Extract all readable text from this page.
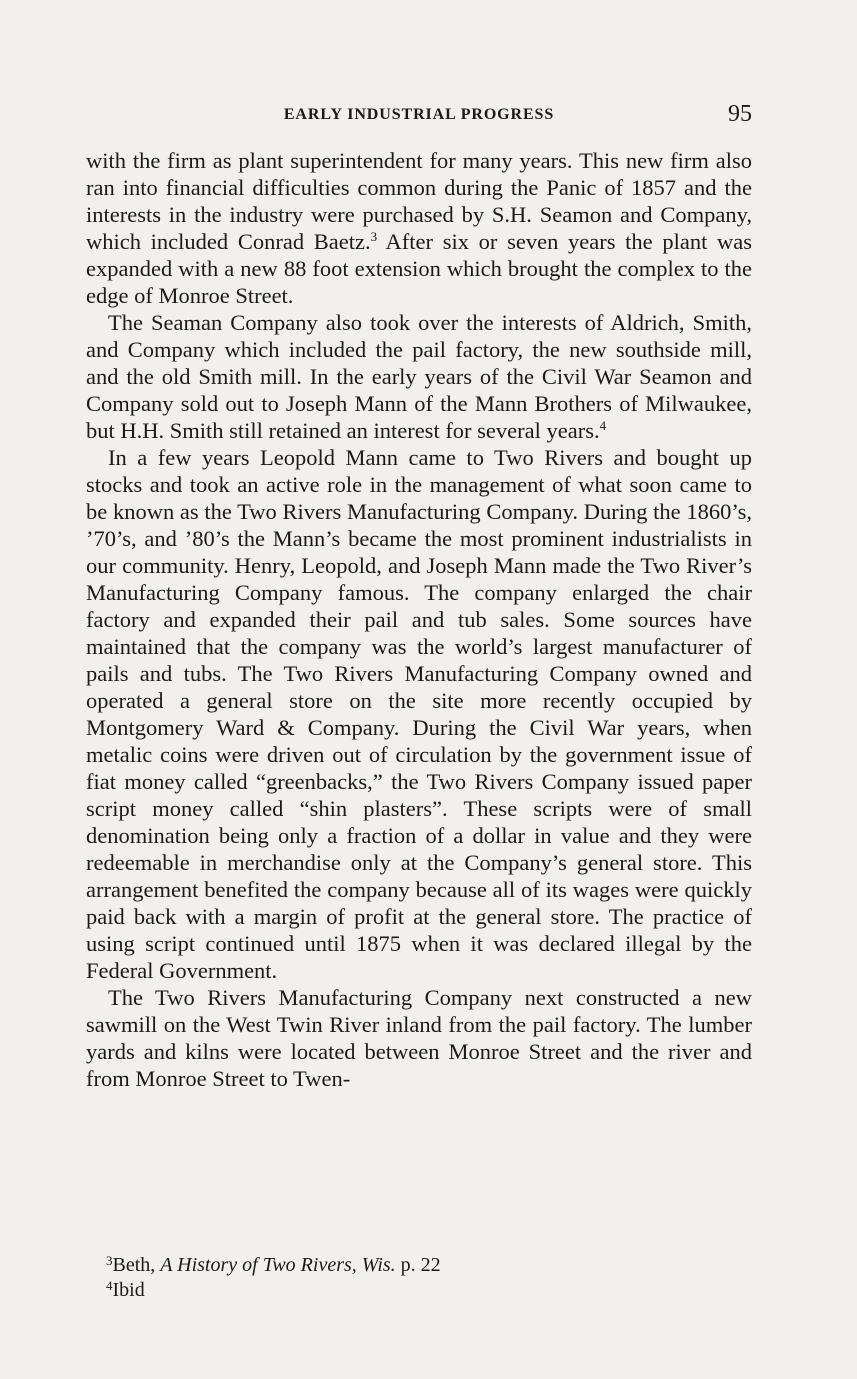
EARLY INDUSTRIAL PROGRESS	95

with the firm as plant superintendent for many years. This new firm also ran into financial difficulties common during the Panic of 1857 and the interests in the industry were purchased by S.H. Seamon and Company, which included Conrad Baetz.$^3$ After six or seven years the plant was expanded with a new 88 foot extension which brought the complex to the edge of Monroe Street.

The Seaman Company also took over the interests of Aldrich, Smith, and Company which included the pail factory, the new southside mill, and the old Smith mill. In the early years of the Civil War Seamon and Company sold out to Joseph Mann of the Mann Brothers of Milwaukee, but H.H. Smith still retained an interest for several years.$^4$

In a few years Leopold Mann came to Two Rivers and bought up stocks and took an active role in the management of what soon came to be known as the Two Rivers Manufacturing Company. During the 1860’s, ’70’s, and ’80’s the Mann’s became the most prominent industrialists in our community. Henry, Leopold, and Joseph Mann made the Two River’s Manufacturing Company famous. The company enlarged the chair factory and expanded their pail and tub sales. Some sources have maintained that the company was the world’s largest manufacturer of pails and tubs. The Two Rivers Manufacturing Company owned and operated a general store on the site more recently occupied by Montgomery Ward & Company. During the Civil War years, when metalic coins were driven out of circulation by the government issue of fiat money called “greenbacks,” the Two Rivers Company issued paper script money called “shin plasters”. These scripts were of small denomination being only a fraction of a dollar in value and they were redeemable in merchandise only at the Company’s general store. This arrangement benefited the company because all of its wages were quickly paid back with a margin of profit at the general store. The practice of using script continued until 1875 when it was declared illegal by the Federal Government.

The Two Rivers Manufacturing Company next constructed a new sawmill on the West Twin River inland from the pail factory. The lumber yards and kilns were located between Monroe Street and the river and from Monroe Street to Twen-

$^3$Beth, A History of Two Rivers, Wis. p. 22
$^4$Ibid
